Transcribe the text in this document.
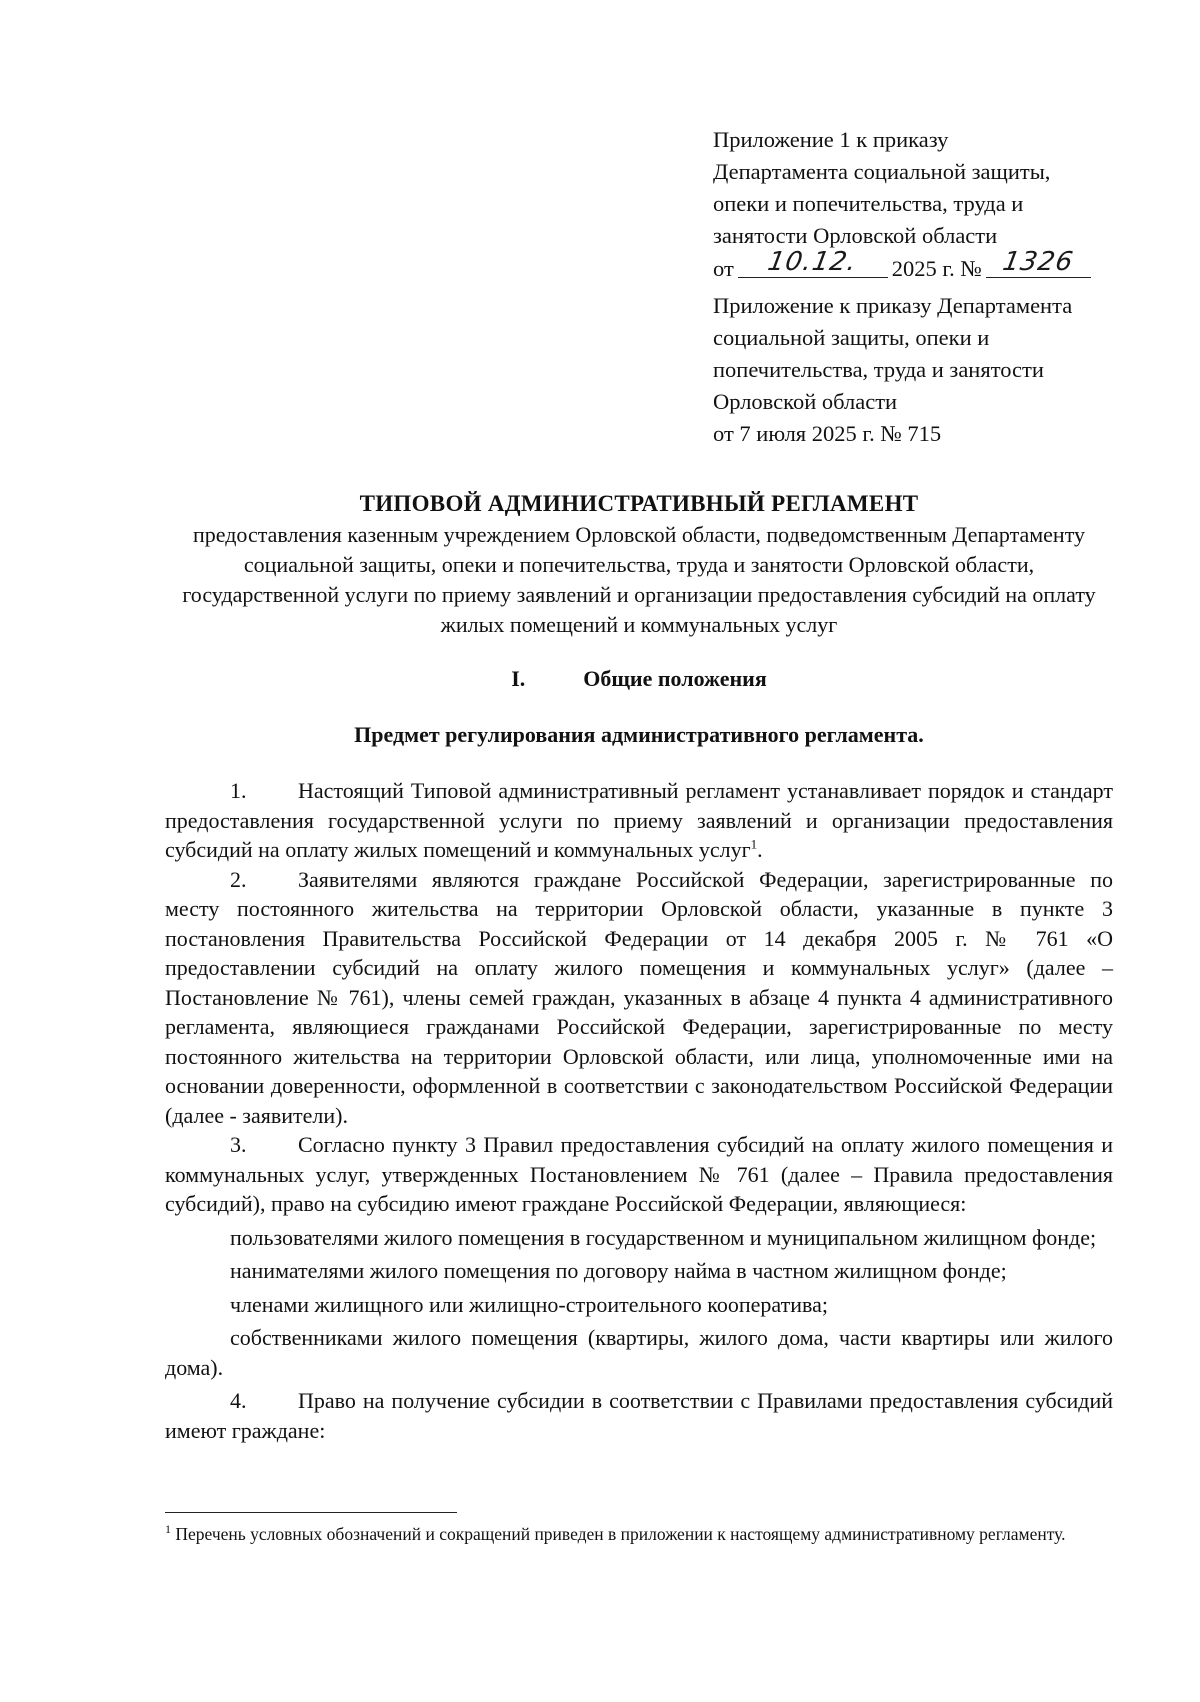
Приложение 1 к приказу
Департамента социальной защиты,
опеки и попечительства, труда и
занятости Орловской области
от 10.12. 2025 г. № 1326
Приложение к приказу Департамента
социальной защиты, опеки и
попечительства, труда и занятости
Орловской области
от 7 июля 2025 г. № 715
ТИПОВОЙ АДМИНИСТРАТИВНЫЙ РЕГЛАМЕНТ
предоставления казенным учреждением Орловской области, подведомственным Департаменту социальной защиты, опеки и попечительства, труда и занятости Орловской области, государственной услуги по приему заявлений и организации предоставления субсидий на оплату жилых помещений и коммунальных услуг
I.	Общие положения
Предмет регулирования административного регламента.

1. Настоящий Типовой административный регламент устанавливает порядок и стандарт предоставления государственной услуги по приему заявлений и организации предоставления субсидий на оплату жилых помещений и коммунальных услуг$^1$.

2. Заявителями являются граждане Российской Федерации, зарегистрированные по месту постоянного жительства на территории Орловской области, указанные в пункте 3 постановления Правительства Российской Федерации от 14 декабря 2005 г. № 761 «О предоставлении субсидий на оплату жилого помещения и коммунальных услуг» (далее – Постановление № 761), члены семей граждан, указанных в абзаце 4 пункта 4 административного регламента, являющиеся гражданами Российской Федерации, зарегистрированные по месту постоянного жительства на территории Орловской области, или лица, уполномоченные ими на основании доверенности, оформленной в соответствии с законодательством Российской Федерации (далее - заявители).

3. Согласно пункту 3 Правил предоставления субсидий на оплату жилого помещения и коммунальных услуг, утвержденных Постановлением № 761 (далее – Правила предоставления субсидий), право на субсидию имеют граждане Российской Федерации, являющиеся:

пользователями жилого помещения в государственном и муниципальном жилищном фонде;

нанимателями жилого помещения по договору найма в частном жилищном фонде;

членами жилищного или жилищно-строительного кооператива;

собственниками жилого помещения (квартиры, жилого дома, части квартиры или жилого дома).

4. Право на получение субсидии в соответствии с Правилами предоставления субсидий имеют граждане:

$^1$ Перечень условных обозначений и сокращений приведен в приложении к настоящему административному регламенту.
